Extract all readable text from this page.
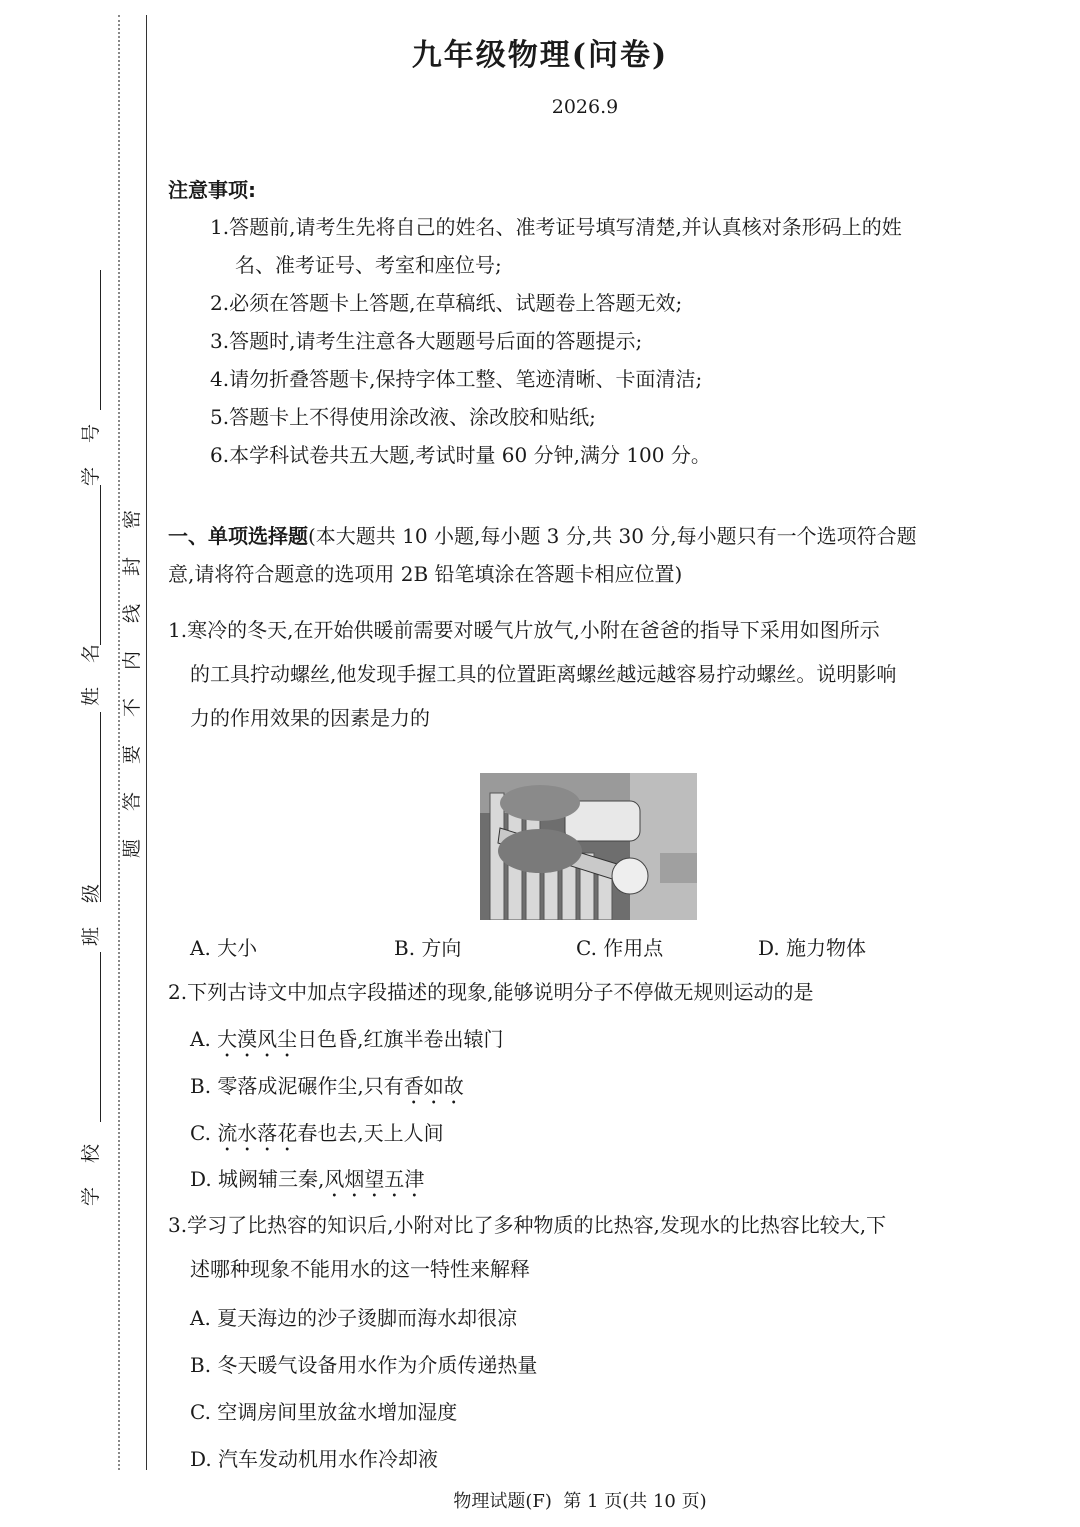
密
封
线
内
不
要
答
题
号
学
名
姓
级
班
校
学
九年级物理(问卷)
2026.9
注意事项:
1.答题前,请考生先将自己的姓名、准考证号填写清楚,并认真核对条形码上的姓
名、准考证号、考室和座位号;
2.必须在答题卡上答题,在草稿纸、试题卷上答题无效;
3.答题时,请考生注意各大题题号后面的答题提示;
4.请勿折叠答题卡,保持字体工整、笔迹清晰、卡面清洁;
5.答题卡上不得使用涂改液、涂改胶和贴纸;
6.本学科试卷共五大题,考试时量 60 分钟,满分 100 分。
一、单项选择题(本大题共 10 小题,每小题 3 分,共 30 分,每小题只有一个选项符合题
意,请将符合题意的选项用 2B 铅笔填涂在答题卡相应位置)
1.寒冷的冬天,在开始供暖前需要对暖气片放气,小附在爸爸的指导下采用如图所示
的工具拧动螺丝,他发现手握工具的位置距离螺丝越远越容易拧动螺丝。说明影响
力的作用效果的因素是力的
A. 大小	B. 方向	C. 作用点	D. 施力物体
2.下列古诗文中加点字段描述的现象,能够说明分子不停做无规则运动的是
A. 大漠风尘日色昏,红旗半卷出辕门
B. 零落成泥碾作尘,只有香如故
C. 流水落花春也去,天上人间
D. 城阙辅三秦,风烟望五津
3.学习了比热容的知识后,小附对比了多种物质的比热容,发现水的比热容比较大,下
述哪种现象不能用水的这一特性来解释
A. 夏天海边的沙子烫脚而海水却很凉
B. 冬天暖气设备用水作为介质传递热量
C. 空调房间里放盆水增加湿度
D. 汽车发动机用水作冷却液
物理试题(F)  第 1 页(共 10 页)
